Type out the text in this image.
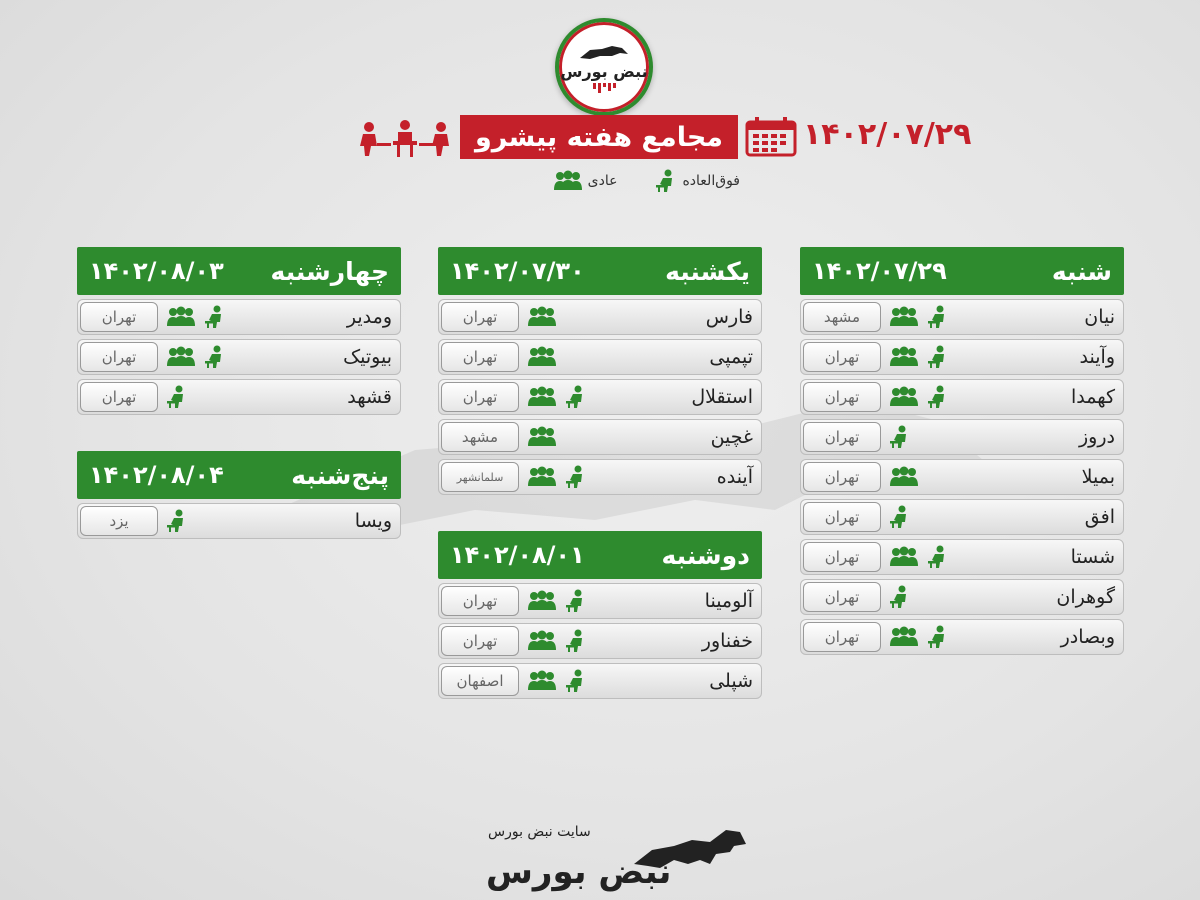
نبض بورس
مجامع هفته پیشرو	۱۴۰۲/۰۷/۲۹
فوق‌العاده
عادی
شنبه
۱۴۰۲/۰۷/۲۹
نیان
مشهد
وآیند
تهران
کهمدا
تهران
دروز
تهران
بمیلا
تهران
افق
تهران
شستا
تهران
گوهران
تهران
وبصادر
تهران
یکشنبه
۱۴۰۲/۰۷/۳۰
فارس
تهران
تپمپی
تهران
استقلال
تهران
غچین
مشهد
آینده
سلمانشهر
دوشنبه
۱۴۰۲/۰۸/۰۱
آلومینا
تهران
خفناور
تهران
شپلی
اصفهان
چهارشنبه
۱۴۰۲/۰۸/۰۳
ومدیر
تهران
بیوتیک
تهران
قشهد
تهران
پنج‌شنبه
۱۴۰۲/۰۸/۰۴
ویسا
یزد
سایت نبض بورس
نبض بورس
